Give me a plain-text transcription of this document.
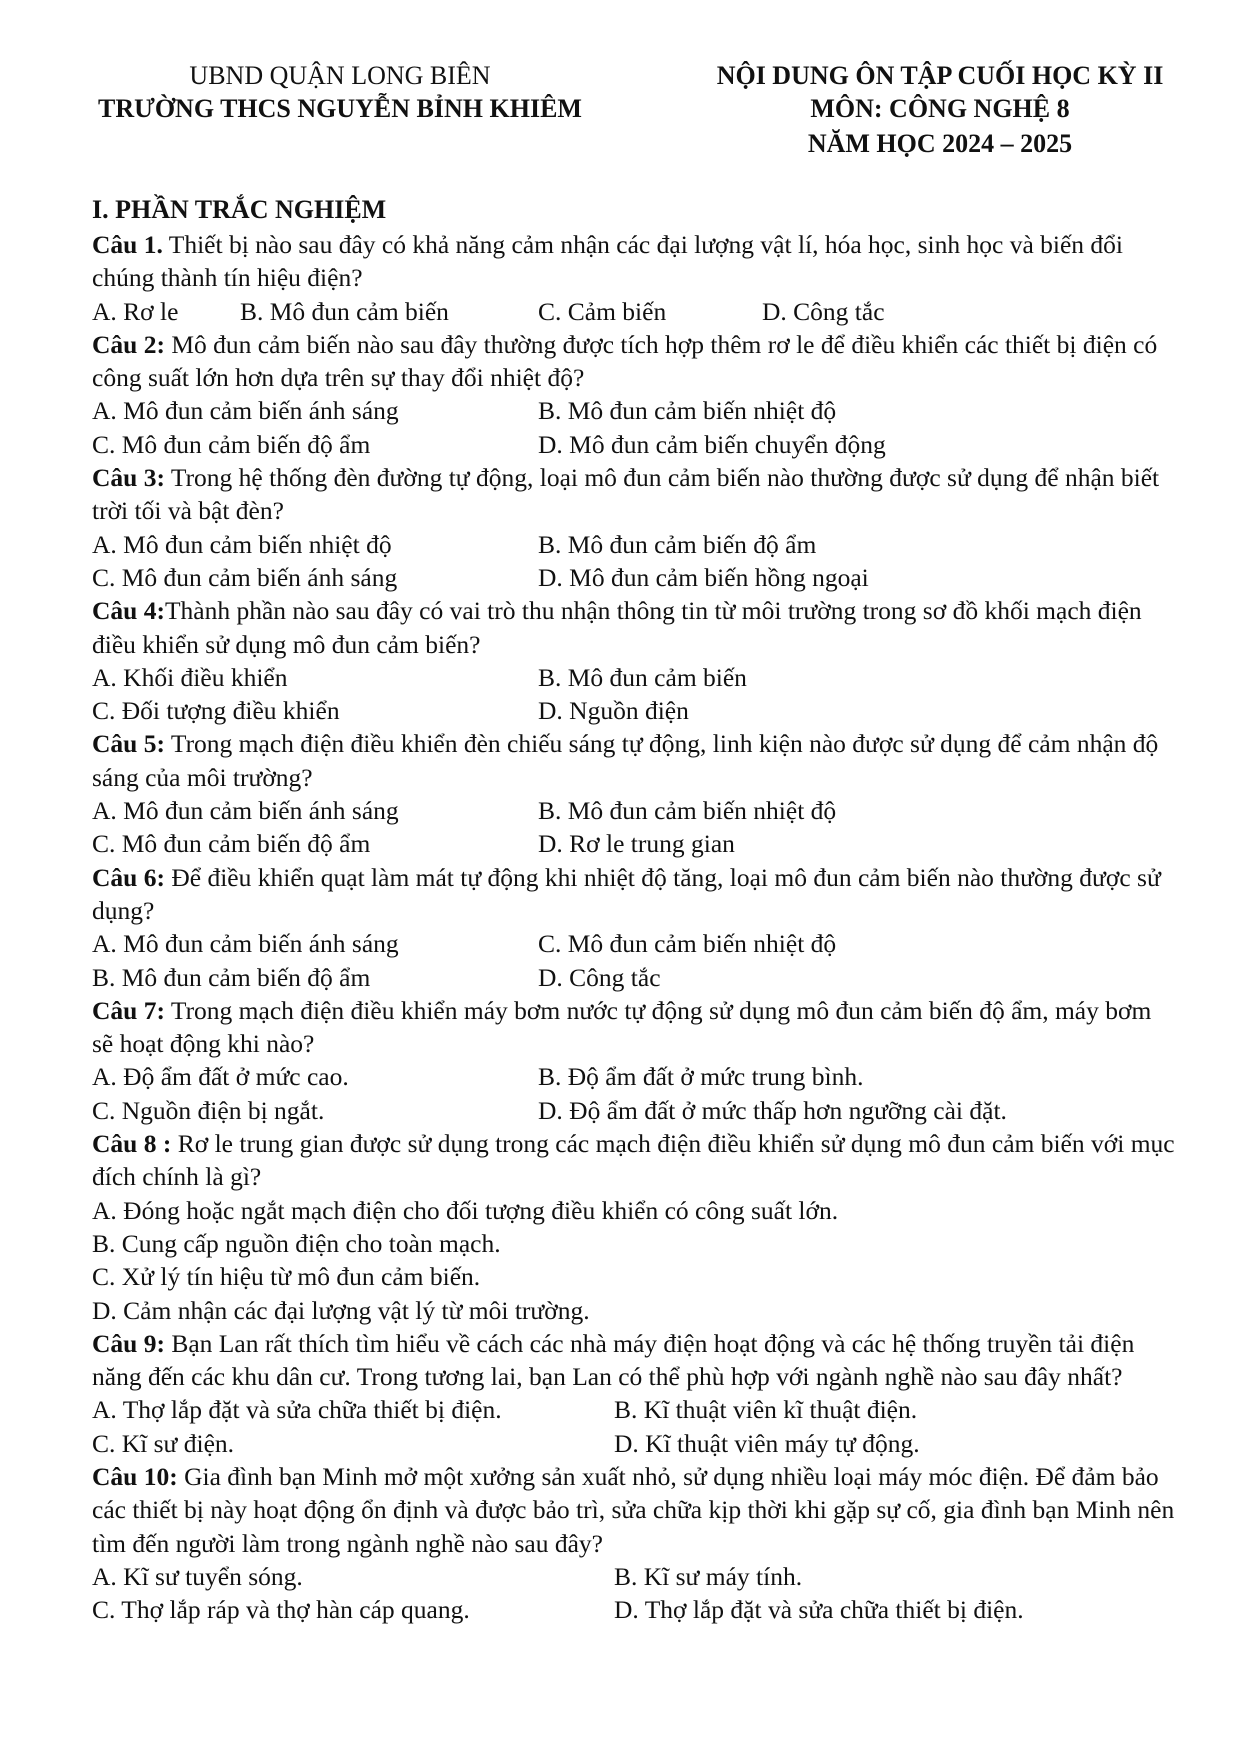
UBND QUẬN LONG BIÊN
TRƯỜNG THCS NGUYỄN BỈNH KHIÊM
NỘI DUNG ÔN TẬP CUỐI HỌC KỲ II
MÔN: CÔNG NGHỆ 8
NĂM HỌC 2024 – 2025
I. PHẦN TRẮC NGHIỆM

Câu 1. Thiết bị nào sau đây có khả năng cảm nhận các đại lượng vật lí, hóa học, sinh học và biến đổi chúng thành tín hiệu điện?

A. Rơ le	B. Mô đun cảm biến	C. Cảm biến	D. Công tắc

Câu 2: Mô đun cảm biến nào sau đây thường được tích hợp thêm rơ le để điều khiển các thiết bị điện có công suất lớn hơn dựa trên sự thay đổi nhiệt độ?

A. Mô đun cảm biến ánh sáng	B. Mô đun cảm biến nhiệt độ
C. Mô đun cảm biến độ ẩm	D. Mô đun cảm biến chuyển động

Câu 3: Trong hệ thống đèn đường tự động, loại mô đun cảm biến nào thường được sử dụng để nhận biết trời tối và bật đèn?

A. Mô đun cảm biến nhiệt độ	B. Mô đun cảm biến độ ẩm
C. Mô đun cảm biến ánh sáng	D. Mô đun cảm biến hồng ngoại

Câu 4:Thành phần nào sau đây có vai trò thu nhận thông tin từ môi trường trong sơ đồ khối mạch điện điều khiển sử dụng mô đun cảm biến?

A. Khối điều khiển	B. Mô đun cảm biến
C. Đối tượng điều khiển	D. Nguồn điện

Câu 5: Trong mạch điện điều khiển đèn chiếu sáng tự động, linh kiện nào được sử dụng để cảm nhận độ sáng của môi trường?

A. Mô đun cảm biến ánh sáng	B. Mô đun cảm biến nhiệt độ
C. Mô đun cảm biến độ ẩm	D. Rơ le trung gian

Câu 6: Để điều khiển quạt làm mát tự động khi nhiệt độ tăng, loại mô đun cảm biến nào thường được sử dụng?

A. Mô đun cảm biến ánh sáng	C. Mô đun cảm biến nhiệt độ
B. Mô đun cảm biến độ ẩm	D. Công tắc

Câu 7: Trong mạch điện điều khiển máy bơm nước tự động sử dụng mô đun cảm biến độ ẩm, máy bơm sẽ hoạt động khi nào?

A. Độ ẩm đất ở mức cao.	B. Độ ẩm đất ở mức trung bình.
C. Nguồn điện bị ngắt.	D. Độ ẩm đất ở mức thấp hơn ngưỡng cài đặt.

Câu 8 : Rơ le trung gian được sử dụng trong các mạch điện điều khiển sử dụng mô đun cảm biến với mục đích chính là gì?

A. Đóng hoặc ngắt mạch điện cho đối tượng điều khiển có công suất lớn.
B. Cung cấp nguồn điện cho toàn mạch.
C. Xử lý tín hiệu từ mô đun cảm biến.
D. Cảm nhận các đại lượng vật lý từ môi trường.

Câu 9: Bạn Lan rất thích tìm hiểu về cách các nhà máy điện hoạt động và các hệ thống truyền tải điện năng đến các khu dân cư. Trong tương lai, bạn Lan có thể phù hợp với ngành nghề nào sau đây nhất?

A. Thợ lắp đặt và sửa chữa thiết bị điện.	B. Kĩ thuật viên kĩ thuật điện.
C. Kĩ sư điện.	D. Kĩ thuật viên máy tự động.

Câu 10: Gia đình bạn Minh mở một xưởng sản xuất nhỏ, sử dụng nhiều loại máy móc điện. Để đảm bảo các thiết bị này hoạt động ổn định và được bảo trì, sửa chữa kịp thời khi gặp sự cố, gia đình bạn Minh nên tìm đến người làm trong ngành nghề nào sau đây?

A. Kĩ sư tuyển sóng.	B. Kĩ sư máy tính.
C. Thợ lắp ráp và thợ hàn cáp quang.	D. Thợ lắp đặt và sửa chữa thiết bị điện.
